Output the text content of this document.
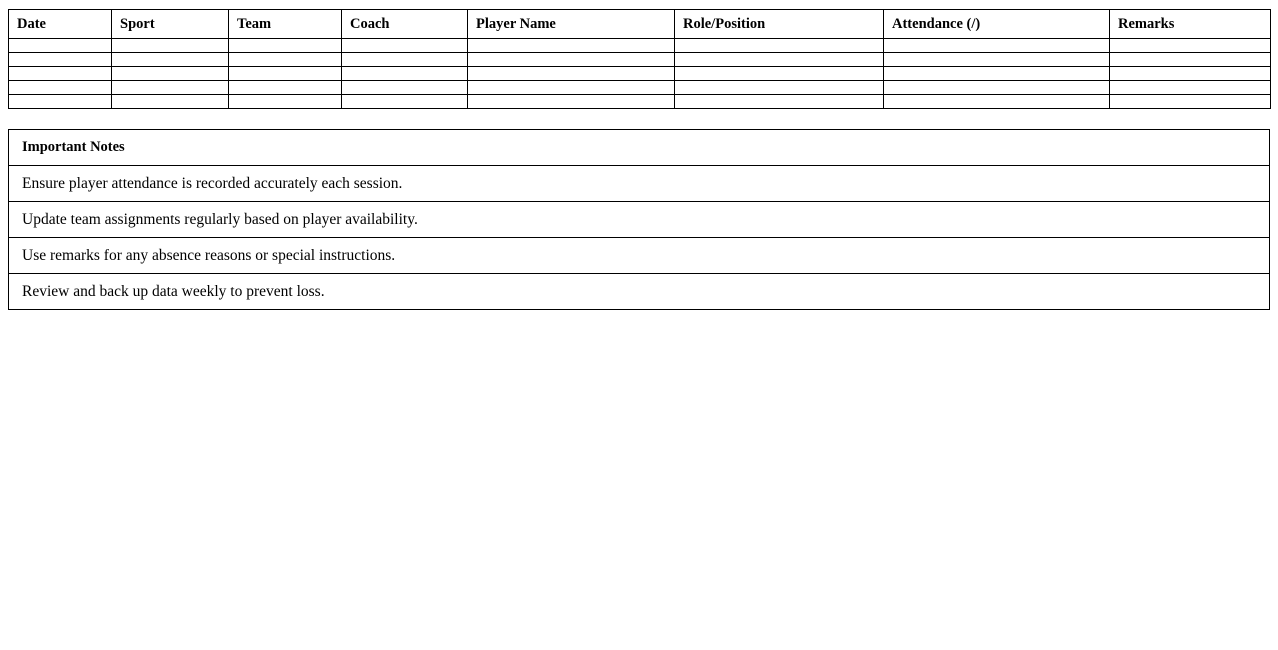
Date	Sport	Team	Coach	Player Name	Role/Position	Attendance (/)	Remarks

Important Notes
Ensure player attendance is recorded accurately each session.
Update team assignments regularly based on player availability.
Use remarks for any absence reasons or special instructions.
Review and back up data weekly to prevent loss.
